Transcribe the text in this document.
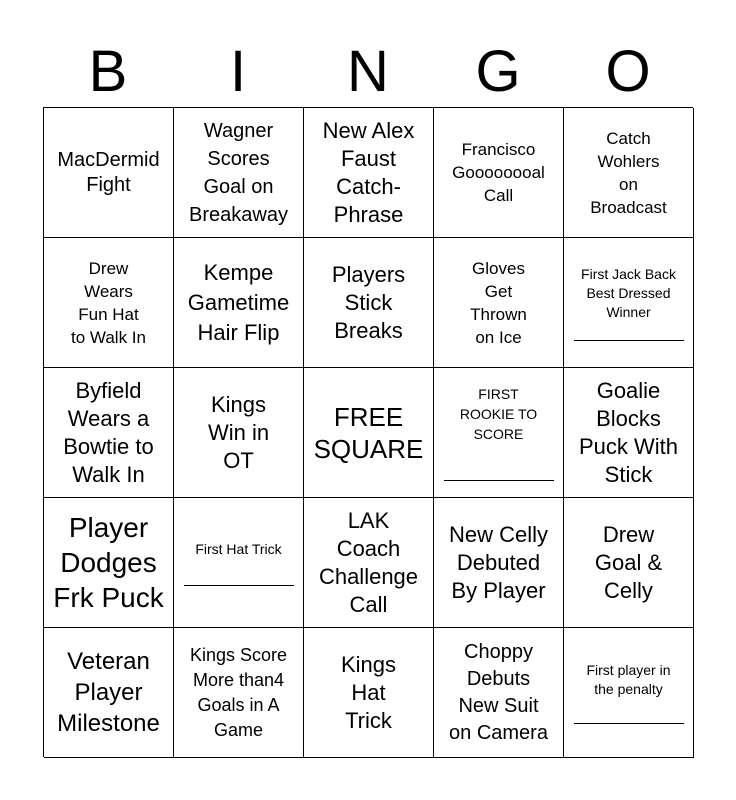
B	I	N	G	O
MacDermid
Fight
Wagner
Scores
Goal on
Breakaway
New Alex
Faust
Catch-
Phrase
Francisco
Goooooooal
Call
Catch
Wohlers
on
Broadcast
Drew
Wears
Fun Hat
to Walk In
Kempe
Gametime
Hair Flip
Players
Stick
Breaks
Gloves
Get
Thrown
on Ice
First Jack Back
Best Dressed
Winner
Byfield
Wears a
Bowtie to
Walk In
Kings
Win in
OT
FREE
SQUARE
FIRST
ROOKIE TO
SCORE
Goalie
Blocks
Puck With
Stick
Player
Dodges
Frk Puck
First Hat Trick
LAK
Coach
Challenge
Call
New Celly
Debuted
By Player
Drew
Goal &
Celly
Veteran
Player
Milestone
Kings Score
More than4
Goals in A
Game
Kings
Hat
Trick
Choppy
Debuts
New Suit
on Camera
First player in
the penalty
